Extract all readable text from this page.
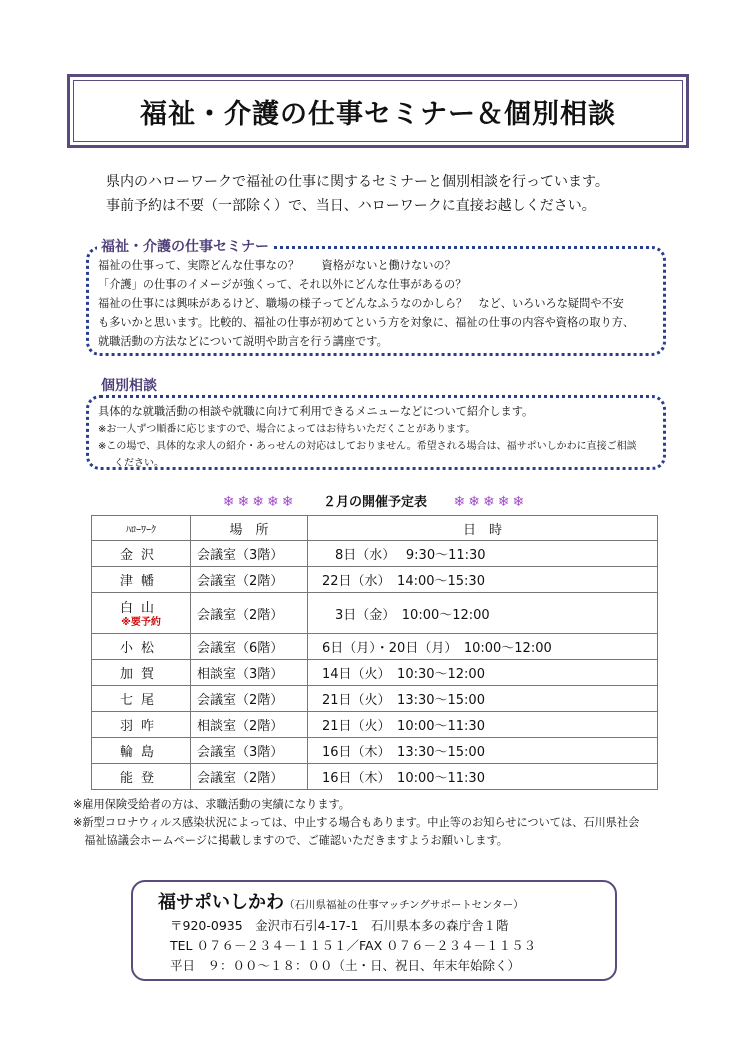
福祉・介護の仕事セミナー＆個別相談
県内のハローワークで福祉の仕事に関するセミナーと個別相談を行っています。
事前予約は不要（一部除く）で、当日、ハローワークに直接お越しください。
福祉・介護の仕事セミナー
福祉の仕事って、実際どんな仕事なの？　　資格がないと働けないの？
「介護」の仕事のイメージが強くって、それ以外にどんな仕事があるの？
福祉の仕事には興味があるけど、職場の様子ってどんなふうなのかしら？　など、いろいろな疑問や不安
も多いかと思います。比較的、福祉の仕事が初めてという方を対象に、福祉の仕事の内容や資格の取り方、
就職活動の方法などについて説明や助言を行う講座です。
個別相談
具体的な就職活動の相談や就職に向けて利用できるメニューなどについて紹介します。
※お一人ずつ順番に応じますので、場合によってはお待ちいただくことがあります。
※この場で、具体的な求人の紹介・あっせんの対応はしておりません。希望される場合は、福サポいしかわに直接ご相談
ください。
❄❄❄❄❄ ２月の開催予定表 ❄❄❄❄❄
ﾊﾛｰﾜｰｸ	場　所	日　時
金沢	会議室（3階）	　8日（水）　 9:30～11:30
津幡	会議室（2階）	22日（水）　14:00～15:30

白山
※要予約	会議室（2階）	　3日（金）　10:00～12:00
小松	会議室（6階）	6日（月）・20日（月）　10:00～12:00
加賀	相談室（3階）	14日（火）　10:30～12:00
七尾	会議室（2階）	21日（火）　13:30～15:00
羽咋	相談室（2階）	21日（火）　10:00～11:30
輪島	会議室（3階）	16日（木）　13:30～15:00
能登	会議室（2階）	16日（木）　10:00～11:30
※雇用保険受給者の方は、求職活動の実績になります。
※新型コロナウィルス感染状況によっては、中止する場合もあります。中止等のお知らせについては、石川県社会
　福祉協議会ホームページに掲載しますので、ご確認いただきますようお願いします。
福サポいしかわ（石川県福祉の仕事マッチングサポートセンター）
〒920-0935　金沢市石引4-17-1　石川県本多の森庁舎１階
TEL ０７６－２３４－１１５１／FAX ０７６－２３４－１１５３
平日　９：００～１８：００（土・日、祝日、年末年始除く）
